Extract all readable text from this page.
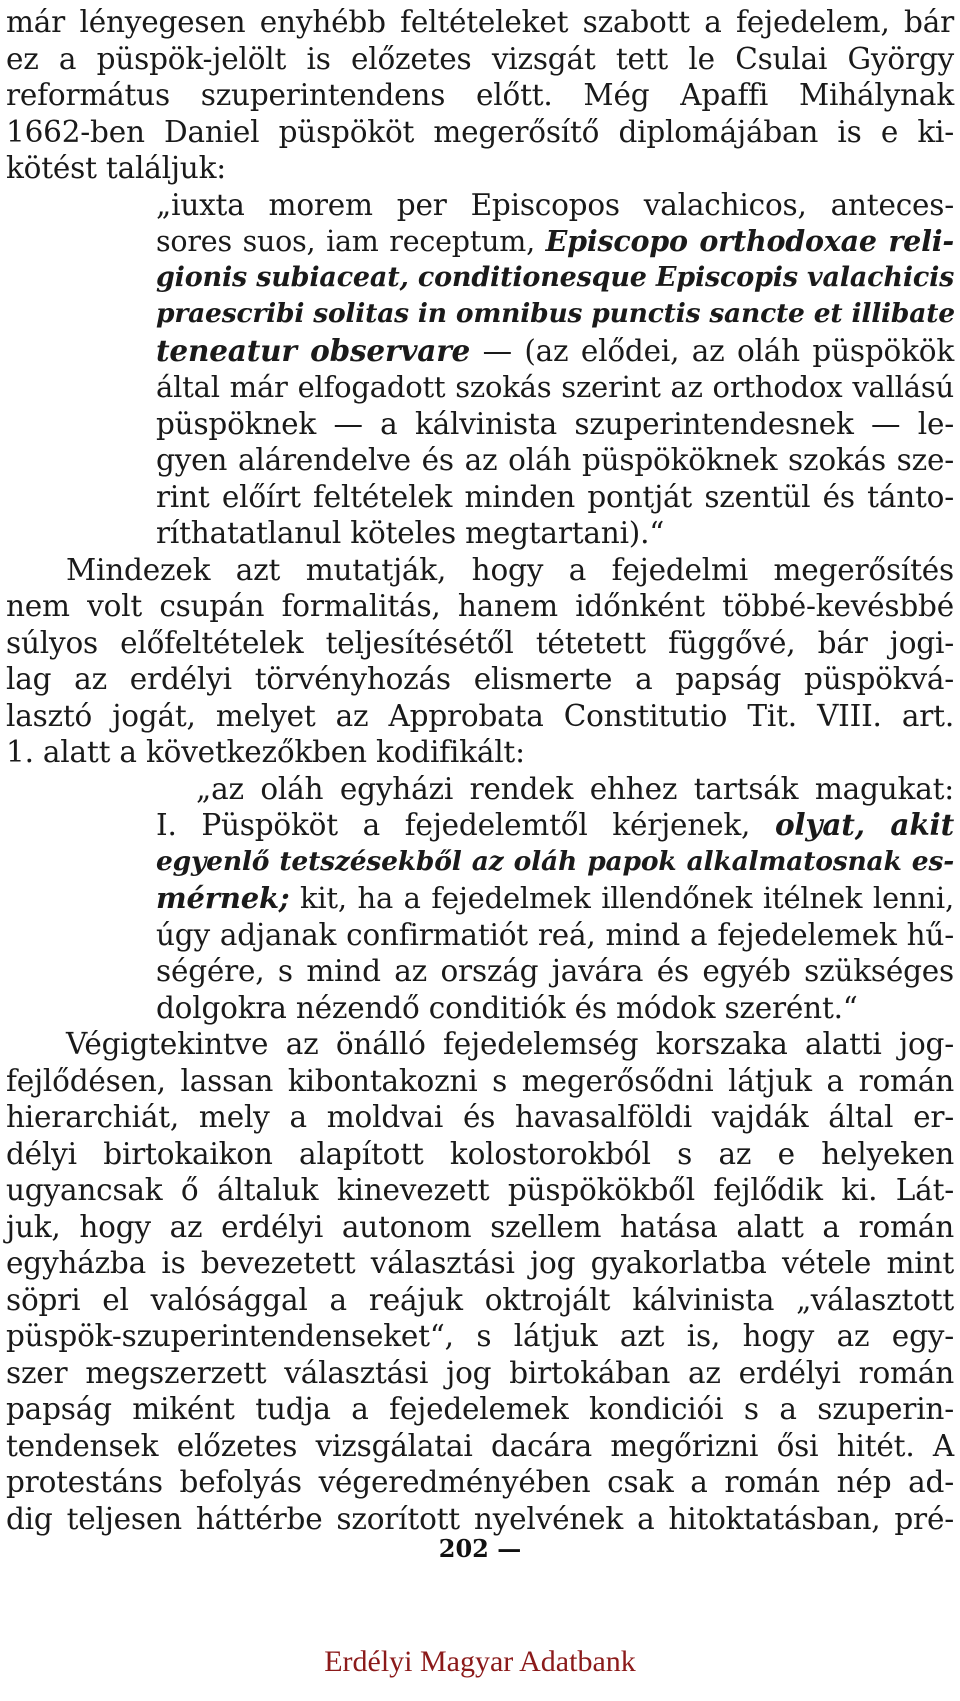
már lényegesen enyhébb feltételeket szabott a fejedelem, bár
ez a püspök-jelölt is előzetes vizsgát tett le Csulai György
református szuperintendens előtt. Még Apaffi Mihálynak
1662-ben Daniel püspököt megerősítő diplomájában is e ki-
kötést találjuk:
„iuxta morem per Episcopos valachicos, anteces-
sores suos, iam receptum, Episcopo orthodoxae reli-
gionis subiaceat, conditionesque Episcopis valachicis
praescribi solitas in omnibus punctis sancte et illibate
teneatur observare — (az elődei, az oláh püspökök
által már elfogadott szokás szerint az orthodox vallású
püspöknek — a kálvinista szuperintendesnek — le-
gyen alárendelve és az oláh püspököknek szokás sze-
rint előírt feltételek minden pontját szentül és tánto-
ríthatatlanul köteles megtartani).“
Mindezek azt mutatják, hogy a fejedelmi megerősítés
nem volt csupán formalitás, hanem időnként többé-kevésbbé
súlyos előfeltételek teljesítésétől tétetett függővé, bár jogi-
lag az erdélyi törvényhozás elismerte a papság püspökvá-
lasztó jogát, melyet az Approbata Constitutio Tit. VIII. art.
1. alatt a következőkben kodifikált:
„az oláh egyházi rendek ehhez tartsák magukat:
I. Püspököt a fejedelemtől kérjenek, olyat, akit
egyenlő tetszésekből az oláh papok alkalmatosnak es-
mérnek; kit, ha a fejedelmek illendőnek itélnek lenni,
úgy adjanak confirmatiót reá, mind a fejedelemek hű-
ségére, s mind az ország javára és egyéb szükséges
dolgokra nézendő conditiók és módok szerént.“
Végigtekintve az önálló fejedelemség korszaka alatti jog-
fejlődésen, lassan kibontakozni s megerősődni látjuk a román
hierarchiát, mely a moldvai és havasalföldi vajdák által er-
délyi birtokaikon alapított kolostorokból s az e helyeken
ugyancsak ő általuk kinevezett püspökökből fejlődik ki. Lát-
juk, hogy az erdélyi autonom szellem hatása alatt a román
egyházba is bevezetett választási jog gyakorlatba vétele mint
söpri el valósággal a reájuk oktrojált kálvinista „választott
püspök-szuperintendenseket“, s látjuk azt is, hogy az egy-
szer megszerzett választási jog birtokában az erdélyi román
papság miként tudja a fejedelemek kondiciói s a szuperin-
tendensek előzetes vizsgálatai dacára megőrizni ősi hitét. A
protestáns befolyás végeredményében csak a román nép ad-
dig teljesen háttérbe szorított nyelvének a hitoktatásban, pré-
202 —
Erdélyi Magyar Adatbank
